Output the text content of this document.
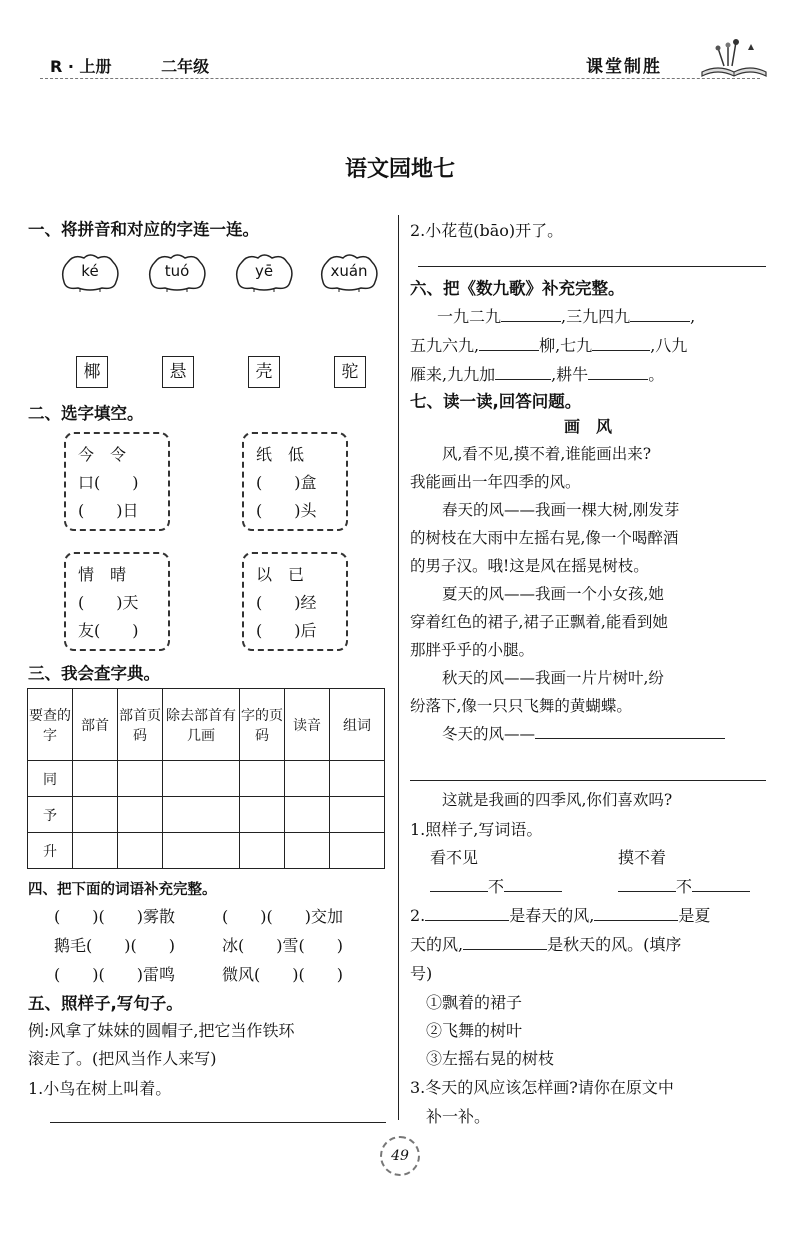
R · 上册	二年级	课堂制胜
语文园地七
一、将拼音和对应的字连一连。
ké	tuó	yē	xuán
椰	悬	壳	驼
二、选字填空。
今　令
口(　　)
(　　)日
纸　低
(　　)盒
(　　)头
情　晴
(　　)天
友(　　)
以　已
(　　)经
(　　)后
三、我会查字典。
要查的字	部首	部首页码	除去部首有几画	字的页码	读音	组词
同						
予						
升						
四、把下面的词语补充完整。
(　　)(　　)雾散	(　　)(　　)交加
鹅毛(　　)(　　)	冰(　　)雪(　　)
(　　)(　　)雷鸣	微风(　　)(　　)
五、照样子,写句子。
例:风拿了妹妹的圆帽子,把它当作铁环
滚走了。(把风当作人来写)
1.小鸟在树上叫着。
2.小花苞(bāo)开了。
六、把《数九歌》补充完整。
一九二九	,三九四九	,
五九六九,	柳,七九	,八九
雁来,九九加	,耕牛	。
七、读一读,回答问题。
画　风
风,看不见,摸不着,谁能画出来?
我能画出一年四季的风。
春天的风——我画一棵大树,刚发芽
的树枝在大雨中左摇右晃,像一个喝醉酒
的男子汉。哦!这是风在摇晃树枝。
夏天的风——我画一个小女孩,她
穿着红色的裙子,裙子正飘着,能看到她
那胖乎乎的小腿。
秋天的风——我画一片片树叶,纷
纷落下,像一只只飞舞的黄蝴蝶。
冬天的风——
这就是我画的四季风,你们喜欢吗?
1.照样子,写词语。
看不见	摸不着
不	不
2.	是春天的风,	是夏
天的风,	是秋天的风。(填序
号)
①飘着的裙子
②飞舞的树叶
③左摇右晃的树枝
3.冬天的风应该怎样画?请你在原文中
补一补。
49
